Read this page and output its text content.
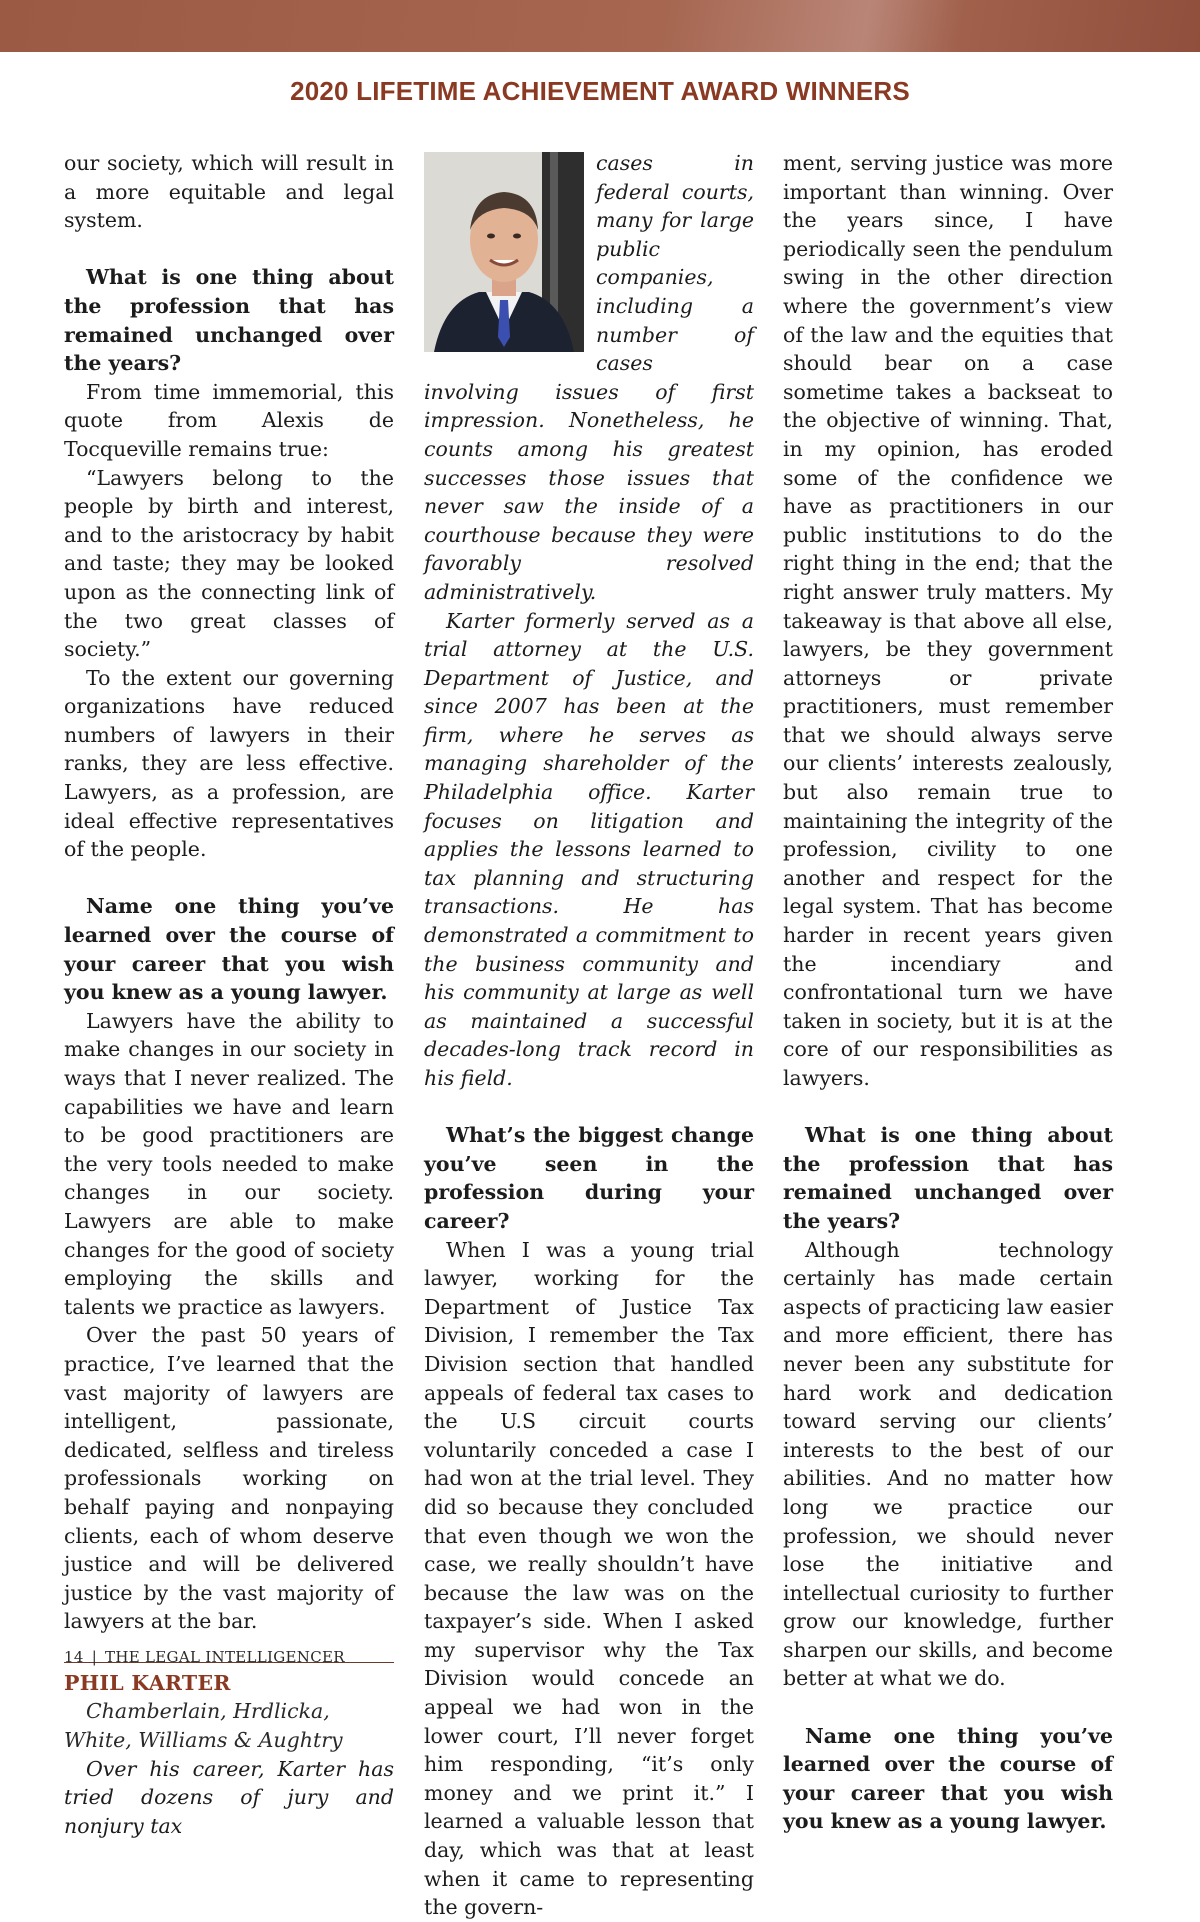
2020 LIFETIME ACHIEVEMENT AWARD WINNERS

our society, which will result in a more equitable and legal system.

What is one thing about the profession that has remained unchanged over the years?

From time immemorial, this quote from Alexis de Tocqueville remains true:

“Lawyers belong to the people by birth and interest, and to the aristocracy by habit and taste; they may be looked upon as the connecting link of the two great classes of society.”

To the extent our governing organizations have reduced numbers of lawyers in their ranks, they are less effective. Lawyers, as a profession, are ideal effective representatives of the people.

Name one thing you’ve learned over the course of your career that you wish you knew as a young lawyer.

Lawyers have the ability to make changes in our society in ways that I never realized. The capabilities we have and learn to be good practitioners are the very tools needed to make changes in our society. Lawyers are able to make changes for the good of society employing the skills and talents we practice as lawyers.

Over the past 50 years of practice, I’ve learned that the vast majority of lawyers are intelligent, passionate, dedicated, selfless and tireless professionals working on behalf paying and nonpaying clients, each of whom deserve justice and will be delivered justice by the vast majority of lawyers at the bar.

PHIL KARTER

Chamberlain, Hrdlicka, White, Williams & Aughtry

Over his career, Karter has tried dozens of jury and nonjury tax

cases in federal courts, many for large public companies, including a number of cases involving issues of first impression. Nonetheless, he counts among his greatest successes those issues that never saw the inside of a courthouse because they were favorably resolved administratively.

Karter formerly served as a trial attorney at the U.S. Department of Justice, and since 2007 has been at the firm, where he serves as managing shareholder of the Philadelphia office. Karter focuses on litigation and applies the lessons learned to tax planning and structuring transactions. He has demonstrated a commitment to the business community and his community at large as well as maintained a successful decades-long track record in his field.

What’s the biggest change you’ve seen in the profession during your career?

When I was a young trial lawyer, working for the Department of Justice Tax Division, I remember the Tax Division section that handled appeals of federal tax cases to the U.S circuit courts voluntarily conceded a case I had won at the trial level. They did so because they concluded that even though we won the case, we really shouldn’t have because the law was on the taxpayer’s side. When I asked my supervisor why the Tax Division would concede an appeal we had won in the lower court, I’ll never forget him responding, “it’s only money and we print it.” I learned a valuable lesson that day, which was that at least when it came to representing the govern-

ment, serving justice was more important than winning. Over the years since, I have periodically seen the pendulum swing in the other direction where the government’s view of the law and the equities that should bear on a case sometime takes a backseat to the objective of winning. That, in my opinion, has eroded some of the confidence we have as practitioners in our public institutions to do the right thing in the end; that the right answer truly matters. My takeaway is that above all else, lawyers, be they government attorneys or private practitioners, must remember that we should always serve our clients’ interests zealously, but also remain true to maintaining the integrity of the profession, civility to one another and respect for the legal system. That has become harder in recent years given the incendiary and confrontational turn we have taken in society, but it is at the core of our responsibilities as lawyers.

What is one thing about the profession that has remained unchanged over the years?

Although technology certainly has made certain aspects of practicing law easier and more efficient, there has never been any substitute for hard work and dedication toward serving our clients’ interests to the best of our abilities. And no matter how long we practice our profession, we should never lose the initiative and intellectual curiosity to further grow our knowledge, further sharpen our skills, and become better at what we do.

Name one thing you’ve learned over the course of your career that you wish you knew as a young lawyer.

14 | THE LEGAL INTELLIGENCER
